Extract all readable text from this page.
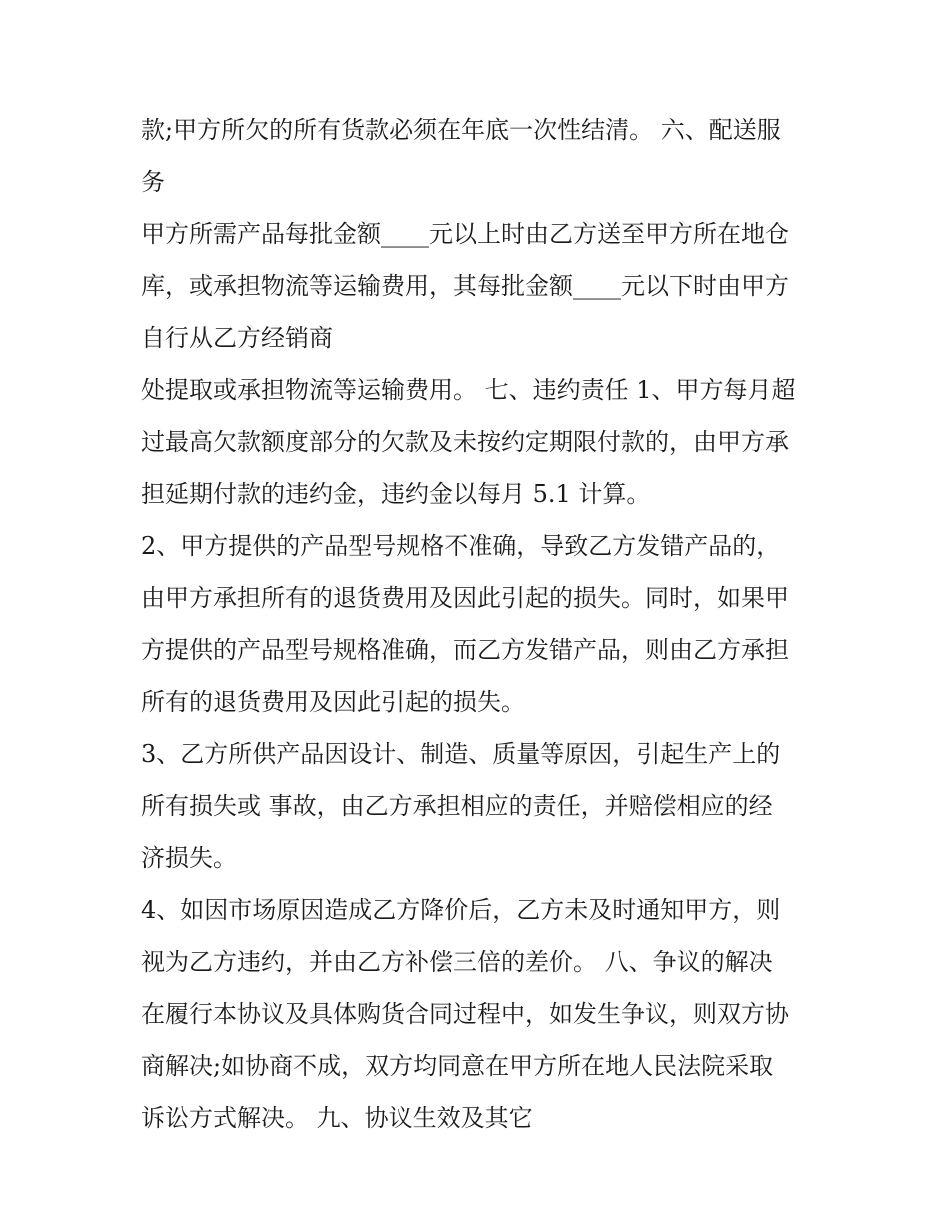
款;甲方所欠的所有货款必须在年底一次性结清。 六、配送服
务
甲方所需产品每批金额____元以上时由乙方送至甲方所在地仓
库，或承担物流等运输费用，其每批金额____元以下时由甲方
自行从乙方经销商
处提取或承担物流等运输费用。 七、违约责任 1、甲方每月超
过最高欠款额度部分的欠款及未按约定期限付款的，由甲方承
担延期付款的违约金，违约金以每月 5.1 计算。
2、甲方提供的产品型号规格不准确，导致乙方发错产品的，
由甲方承担所有的退货费用及因此引起的损失。同时，如果甲
方提供的产品型号规格准确，而乙方发错产品，则由乙方承担
所有的退货费用及因此引起的损失。
3、乙方所供产品因设计、制造、质量等原因，引起生产上的
所有损失或 事故，由乙方承担相应的责任，并赔偿相应的经
济损失。
4、如因市场原因造成乙方降价后，乙方未及时通知甲方，则
视为乙方违约，并由乙方补偿三倍的差价。 八、争议的解决
在履行本协议及具体购货合同过程中，如发生争议，则双方协
商解决;如协商不成，双方均同意在甲方所在地人民法院采取
诉讼方式解决。 九、协议生效及其它
